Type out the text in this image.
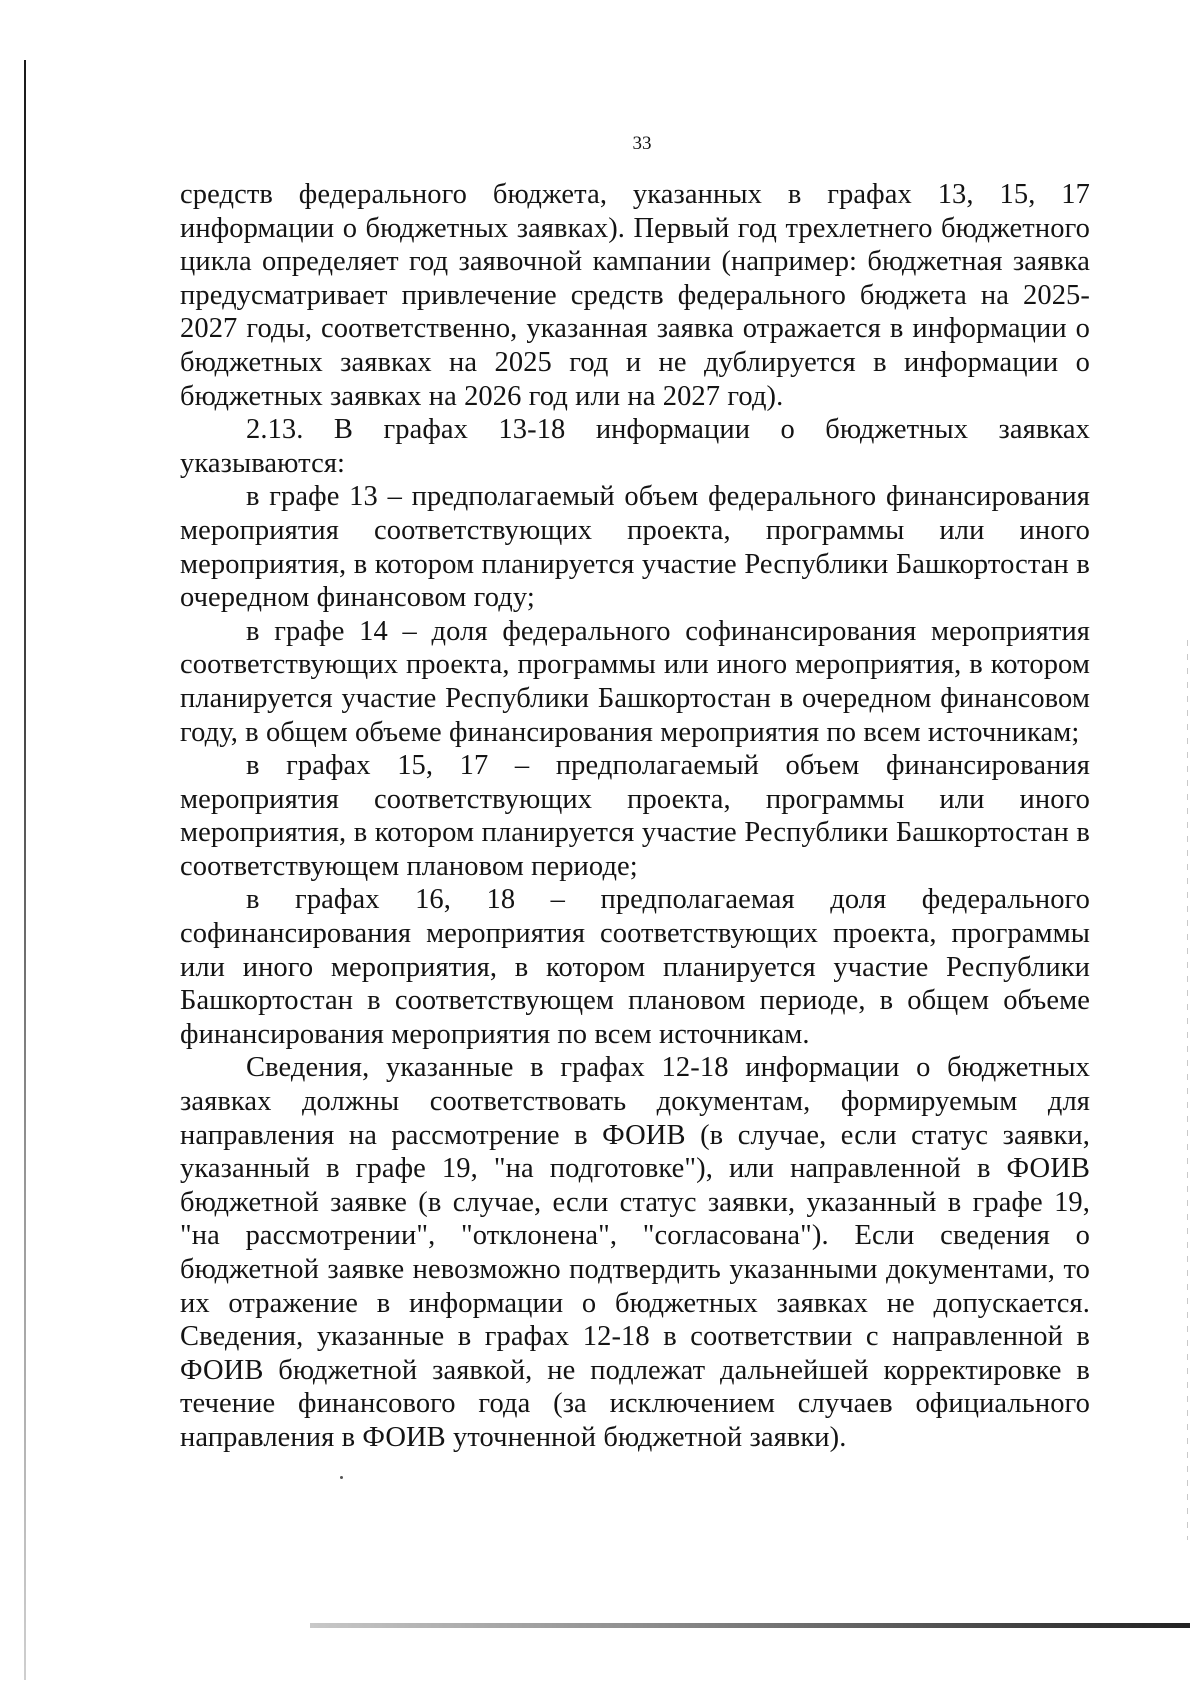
33

средств федерального бюджета, указанных в графах 13, 15, 17 информации о бюджетных заявках). Первый год трехлетнего бюджетного цикла определяет год заявочной кампании (например: бюджетная заявка предусматривает привлечение средств федерального бюджета на 2025-2027 годы, соответственно, указанная заявка отражается в информации о бюджетных заявках на 2025 год и не дублируется в информации о бюджетных заявках на 2026 год или на 2027 год).

2.13. В графах 13-18 информации о бюджетных заявках указываются:

в графе 13 – предполагаемый объем федерального финансирования мероприятия соответствующих проекта, программы или иного мероприятия, в котором планируется участие Республики Башкортостан в очередном финансовом году;

в графе 14 – доля федерального софинансирования мероприятия соответствующих проекта, программы или иного мероприятия, в котором планируется участие Республики Башкортостан в очередном финансовом году, в общем объеме финансирования мероприятия по всем источникам;

в графах 15, 17 – предполагаемый объем финансирования мероприятия соответствующих проекта, программы или иного мероприятия, в котором планируется участие Республики Башкортостан в соответствующем плановом периоде;

в графах 16, 18 – предполагаемая доля федерального софинансирования мероприятия соответствующих проекта, программы или иного мероприятия, в котором планируется участие Республики Башкортостан в соответствующем плановом периоде, в общем объеме финансирования мероприятия по всем источникам.

Сведения, указанные в графах 12-18 информации о бюджетных заявках должны соответствовать документам, формируемым для направления на рассмотрение в ФОИВ (в случае, если статус заявки, указанный в графе 19, "на подготовке"), или направленной в ФОИВ бюджетной заявке (в случае, если статус заявки, указанный в графе 19, "на рассмотрении", "отклонена", "согласована"). Если сведения о бюджетной заявке невозможно подтвердить указанными документами, то их отражение в информации о бюджетных заявках не допускается. Сведения, указанные в графах 12-18 в соответствии с направленной в ФОИВ бюджетной заявкой, не подлежат дальнейшей корректировке в течение финансового года (за исключением случаев официального направления в ФОИВ уточненной бюджетной заявки).
